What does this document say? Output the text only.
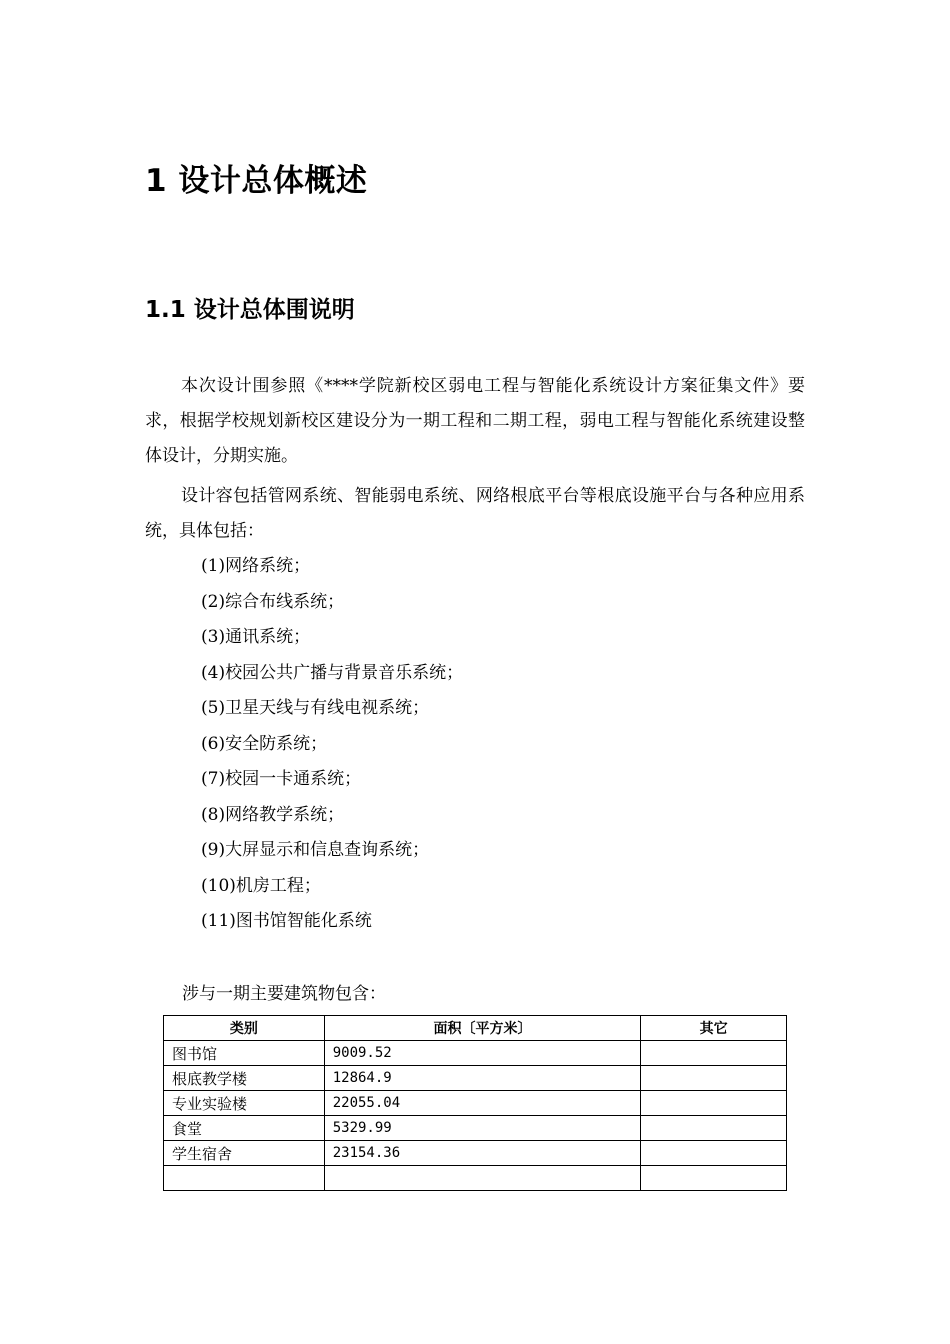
1 设计总体概述
1.1 设计总体围说明

本次设计围参照《****学院新校区弱电工程与智能化系统设计方案征集文件》要求，根据学校规划新校区建设分为一期工程和二期工程，弱电工程与智能化系统建设整体设计，分期实施。

设计容包括管网系统、智能弱电系统、网络根底平台等根底设施平台与各种应用系统，具体包括：

(1)网络系统；
(2)综合布线系统；
(3)通讯系统；
(4)校园公共广播与背景音乐系统；
(5)卫星天线与有线电视系统；
(6)安全防系统；
(7)校园一卡通系统；
(8)网络教学系统；
(9)大屏显示和信息查询系统；
(10)机房工程；
(11)图书馆智能化系统
涉与一期主要建筑物包含：
类别	面积〔平方米〕	其它
图书馆	9009.52	
根底教学楼	12864.9	
专业实验楼	22055.04	
食堂	5329.99	
学生宿舍	23154.36	
